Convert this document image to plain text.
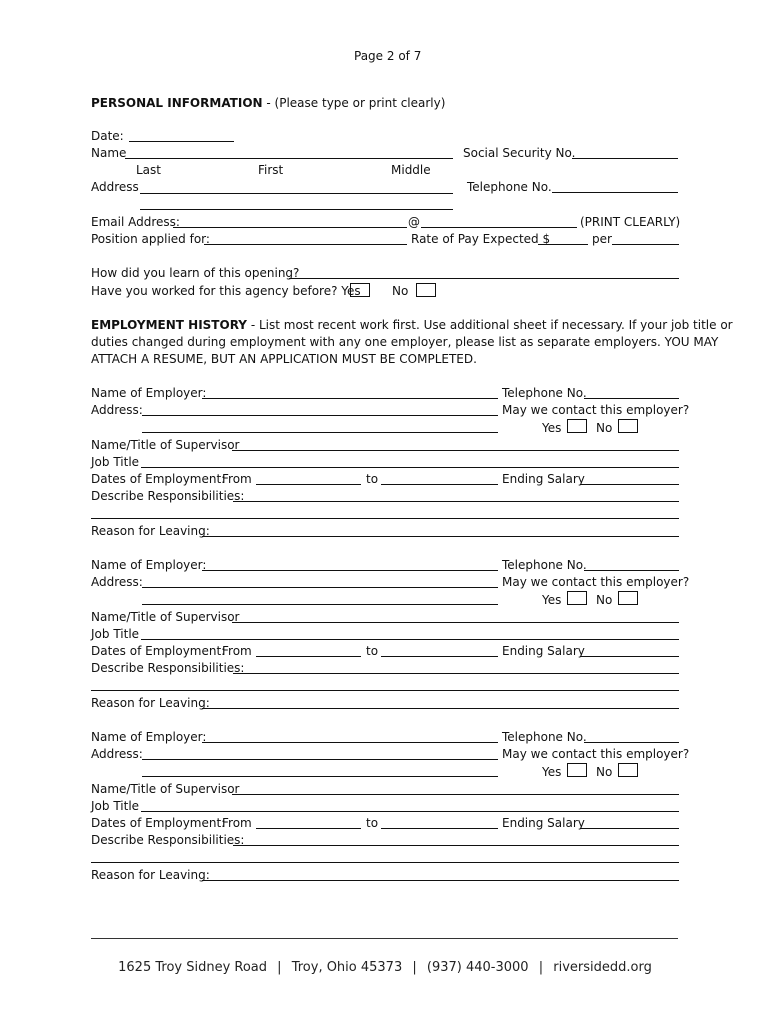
Page 2 of 7
PERSONAL INFORMATION - (Please type or print clearly)
Date:
Name	Social Security No.
Last	First	Middle
Address	Telephone No.
Email Address:	@	(PRINT CLEARLY)
Position applied for:	Rate of Pay Expected $	per
How did you learn of this opening?
Have you worked for this agency before? Yes	No
EMPLOYMENT HISTORY - List most recent work first. Use additional sheet if necessary. If your job title or
duties changed during employment with any one employer, please list as separate employers. YOU MAY
ATTACH A RESUME, BUT AN APPLICATION MUST BE COMPLETED.
Name of Employer:	Telephone No.
Address:	May we contact this employer?
Yes	No
Name/Title of Supervisor
Job Title
Dates of Employment:
From	to	Ending Salary
Describe Responsibilities:
Reason for Leaving:
Name of Employer:	Telephone No.
Address:	May we contact this employer?
Yes	No
Name/Title of Supervisor
Job Title
Dates of Employment:
From	to	Ending Salary
Describe Responsibilities:
Reason for Leaving:
Name of Employer:	Telephone No.
Address:	May we contact this employer?
Yes	No
Name/Title of Supervisor
Job Title
Dates of Employment:
From	to	Ending Salary
Describe Responsibilities:
Reason for Leaving:
1625 Troy Sidney Road | Troy, Ohio 45373 | (937) 440-3000 | riversidedd.org
